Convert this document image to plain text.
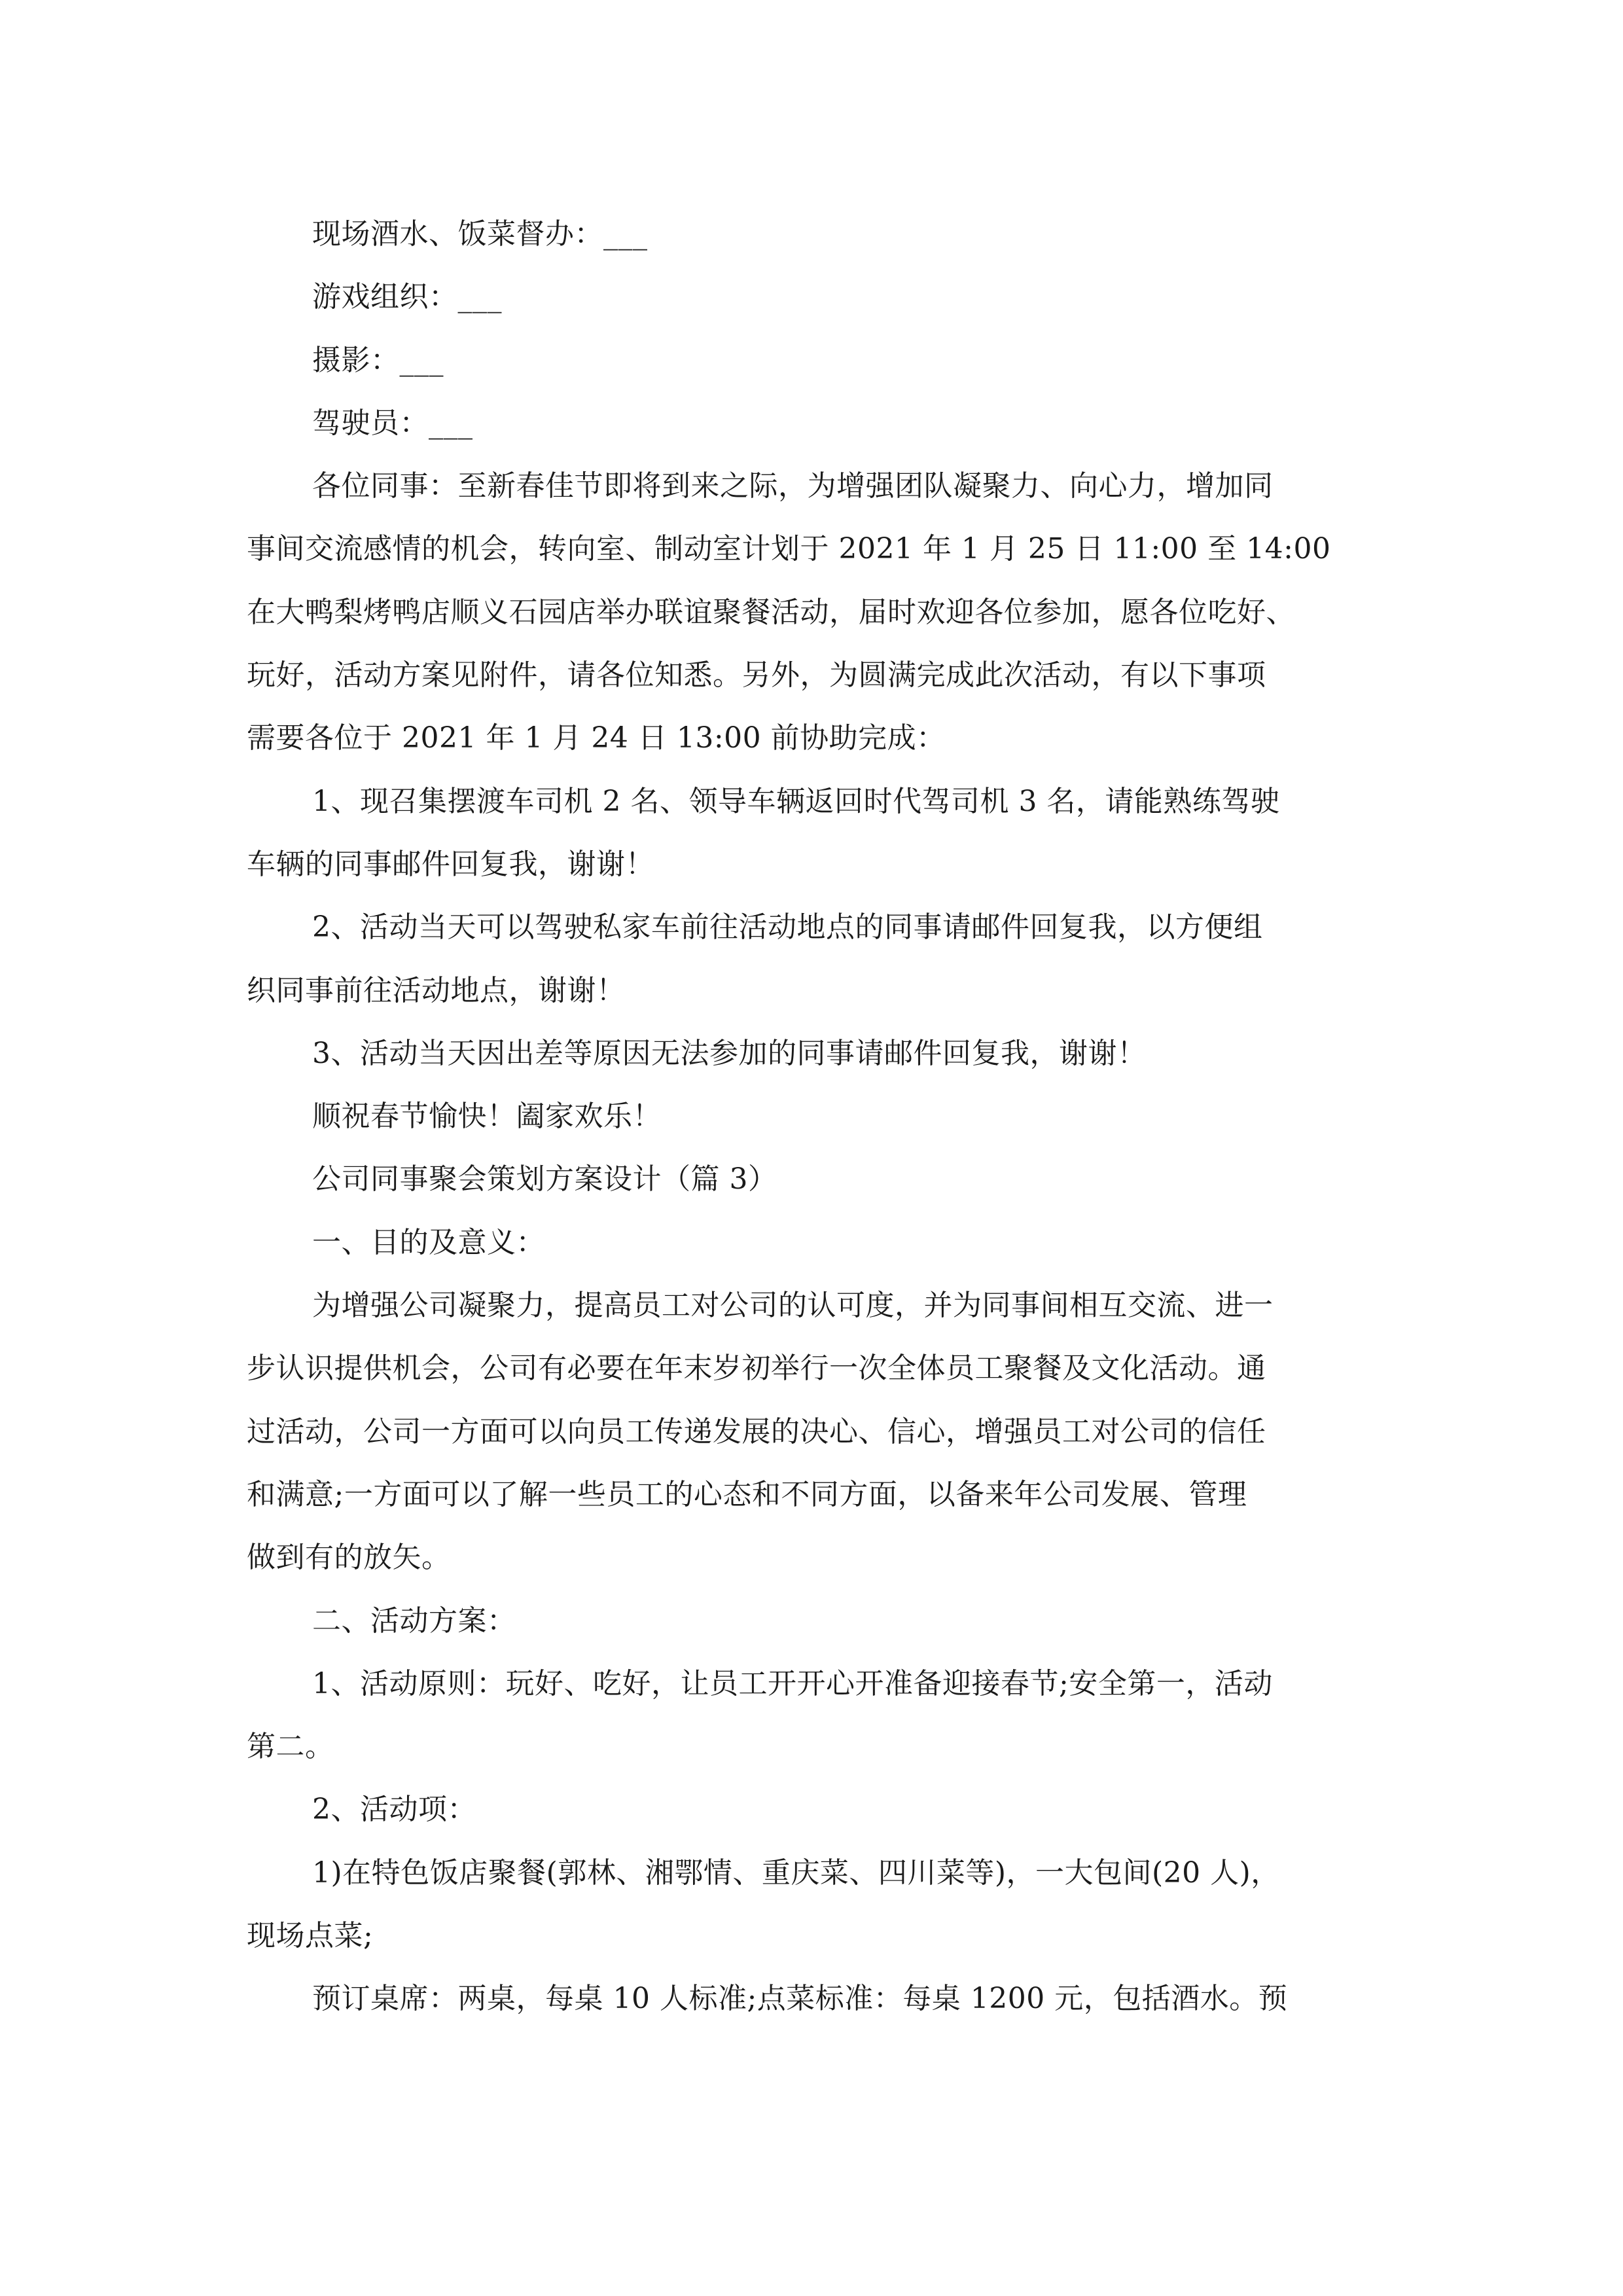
现场酒水、饭菜督办：___
游戏组织：___
摄影：___
驾驶员：___
各位同事：至新春佳节即将到来之际，为增强团队凝聚力、向心力，增加同
事间交流感情的机会，转向室、制动室计划于 2021 年 1 月 25 日 11:00 至 14:00
在大鸭梨烤鸭店顺义石园店举办联谊聚餐活动，届时欢迎各位参加，愿各位吃好、
玩好，活动方案见附件，请各位知悉。另外，为圆满完成此次活动，有以下事项
需要各位于 2021 年 1 月 24 日 13:00 前协助完成：
1、现召集摆渡车司机 2 名、领导车辆返回时代驾司机 3 名，请能熟练驾驶
车辆的同事邮件回复我，谢谢！
2、活动当天可以驾驶私家车前往活动地点的同事请邮件回复我，以方便组
织同事前往活动地点，谢谢！
3、活动当天因出差等原因无法参加的同事请邮件回复我，谢谢！
顺祝春节愉快！阖家欢乐！
公司同事聚会策划方案设计（篇 3）
一、目的及意义：
为增强公司凝聚力，提高员工对公司的认可度，并为同事间相互交流、进一
步认识提供机会，公司有必要在年末岁初举行一次全体员工聚餐及文化活动。通
过活动，公司一方面可以向员工传递发展的决心、信心，增强员工对公司的信任
和满意;一方面可以了解一些员工的心态和不同方面，以备来年公司发展、管理
做到有的放矢。
二、活动方案：
1、活动原则：玩好、吃好，让员工开开心开准备迎接春节;安全第一，活动
第二。
2、活动项：
1)在特色饭店聚餐(郭林、湘鄂情、重庆菜、四川菜等)，一大包间(20 人)，
现场点菜;
预订桌席：两桌，每桌 10 人标准;点菜标准：每桌 1200 元，包括酒水。预
